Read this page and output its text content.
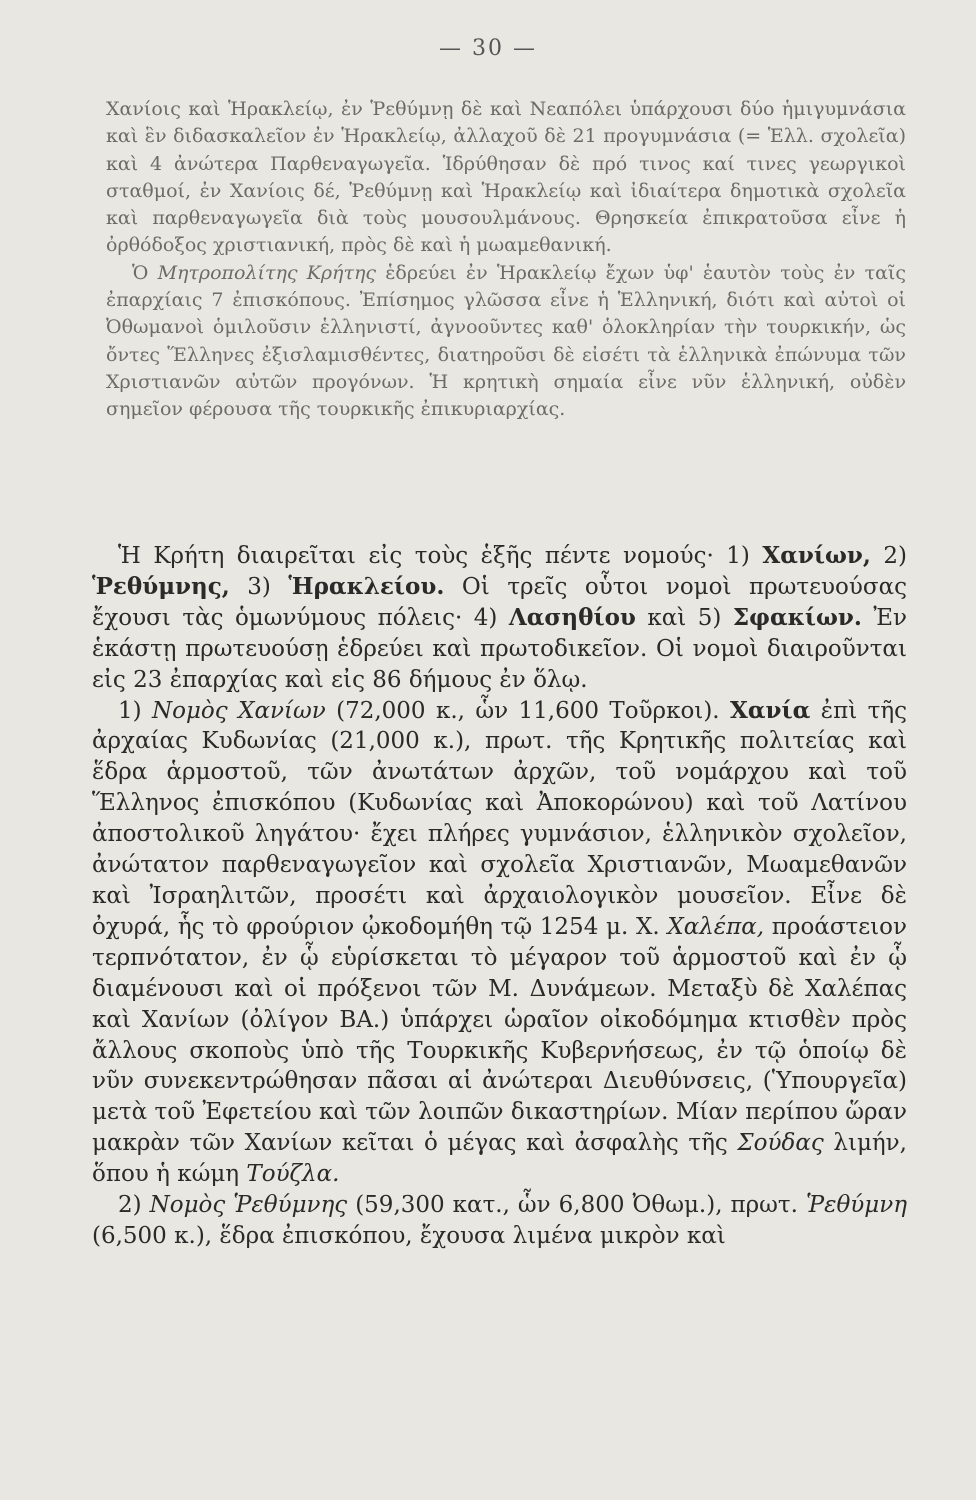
— 30 —

Χανίοις καὶ Ἡρακλείῳ, ἐν Ῥεθύμνῃ δὲ καὶ Νεαπόλει ὑπάρχουσι δύο ἡμιγυμνάσια καὶ ἓν διδασκαλεῖον ἐν Ἡρακλείῳ, ἀλλαχοῦ δὲ 21 προγυμνάσια (= Ἑλλ. σχολεῖα) καὶ 4 ἀνώτερα Παρθεναγωγεῖα. Ἱδρύθησαν δὲ πρό τινος καί τινες γεωργικοὶ σταθμοί, ἐν Χανίοις δέ, Ῥεθύμνῃ καὶ Ἡρακλείῳ καὶ ἰδιαίτερα δημοτικὰ σχολεῖα καὶ παρθεναγωγεῖα διὰ τοὺς μουσουλμάνους. Θρησκεία ἐπικρατοῦσα εἶνε ἡ ὀρθόδοξος χριστιανική, πρὸς δὲ καὶ ἡ μωαμεθανική.

Ὁ Μητροπολίτης Κρήτης ἑδρεύει ἐν Ἡρακλείῳ ἔχων ὑφ' ἑαυτὸν τοὺς ἐν ταῖς ἐπαρχίαις 7 ἐπισκόπους. Ἐπίσημος γλῶσσα εἶνε ἡ Ἑλληνική, διότι καὶ αὐτοὶ οἱ Ὀθωμανοὶ ὁμιλοῦσιν ἑλληνιστί, ἀγνοοῦντες καθ' ὁλοκληρίαν τὴν τουρκικήν, ὡς ὄντες Ἕλληνες ἐξισλαμισθέντες, διατηροῦσι δὲ εἰσέτι τὰ ἑλληνικὰ ἐπώνυμα τῶν Χριστιανῶν αὐτῶν προγόνων. Ἡ κρητικὴ σημαία εἶνε νῦν ἑλληνική, οὐδὲν σημεῖον φέρουσα τῆς τουρκικῆς ἐπικυριαρχίας.

Ἡ Κρήτη διαιρεῖται εἰς τοὺς ἑξῆς πέντε νομούς· 1) Χανίων, 2) Ῥεθύμνης, 3) Ἡρακλείου. Οἱ τρεῖς οὗτοι νομοὶ πρωτευούσας ἔχουσι τὰς ὁμωνύμους πόλεις· 4) Λασηθίου καὶ 5) Σφακίων. Ἐν ἑκάστῃ πρωτευούσῃ ἑδρεύει καὶ πρωτοδικεῖον. Οἱ νομοὶ διαιροῦνται εἰς 23 ἐπαρχίας καὶ εἰς 86 δήμους ἐν ὅλῳ.

1) Νομὸς Χανίων (72,000 κ., ὧν 11,600 Τοῦρκοι). Χανία ἐπὶ τῆς ἀρχαίας Κυδωνίας (21,000 κ.), πρωτ. τῆς Κρητικῆς πολιτείας καὶ ἕδρα ἁρμοστοῦ, τῶν ἀνωτάτων ἀρχῶν, τοῦ νομάρχου καὶ τοῦ Ἕλληνος ἐπισκόπου (Κυδωνίας καὶ Ἀποκορώνου) καὶ τοῦ Λατίνου ἀποστολικοῦ ληγάτου· ἔχει πλήρες γυμνάσιον, ἑλληνικὸν σχολεῖον, ἀνώτατον παρθεναγωγεῖον καὶ σχολεῖα Χριστιανῶν, Μωαμεθανῶν καὶ Ἰσραηλιτῶν, προσέτι καὶ ἀρχαιολογικὸν μουσεῖον. Εἶνε δὲ ὀχυρά, ἧς τὸ φρούριον ᾠκοδομήθη τῷ 1254 μ. Χ. Χαλέπα, προάστειον τερπνότατον, ἐν ᾧ εὑρίσκεται τὸ μέγαρον τοῦ ἁρμοστοῦ καὶ ἐν ᾧ διαμένουσι καὶ οἱ πρόξενοι τῶν Μ. Δυνάμεων. Μεταξὺ δὲ Χαλέπας καὶ Χανίων (ὀλίγον ΒΑ.) ὑπάρχει ὡραῖον οἰκοδόμημα κτισθὲν πρὸς ἄλλους σκοποὺς ὑπὸ τῆς Τουρκικῆς Κυβερνήσεως, ἐν τῷ ὁποίῳ δὲ νῦν συνεκεντρώθησαν πᾶσαι αἱ ἀνώτεραι Διευθύνσεις, (Ὑπουργεῖα) μετὰ τοῦ Ἐφετείου καὶ τῶν λοιπῶν δικαστηρίων. Μίαν περίπου ὥραν μακρὰν τῶν Χανίων κεῖται ὁ μέγας καὶ ἀσφαλὴς τῆς Σούδας λιμήν, ὅπου ἡ κώμη Τούζλα.

2) Νομὸς Ῥεθύμνης (59,300 κατ., ὧν 6,800 Ὀθωμ.), πρωτ. Ῥεθύμνη (6,500 κ.), ἕδρα ἐπισκόπου, ἔχουσα λιμένα μικρὸν καὶ
